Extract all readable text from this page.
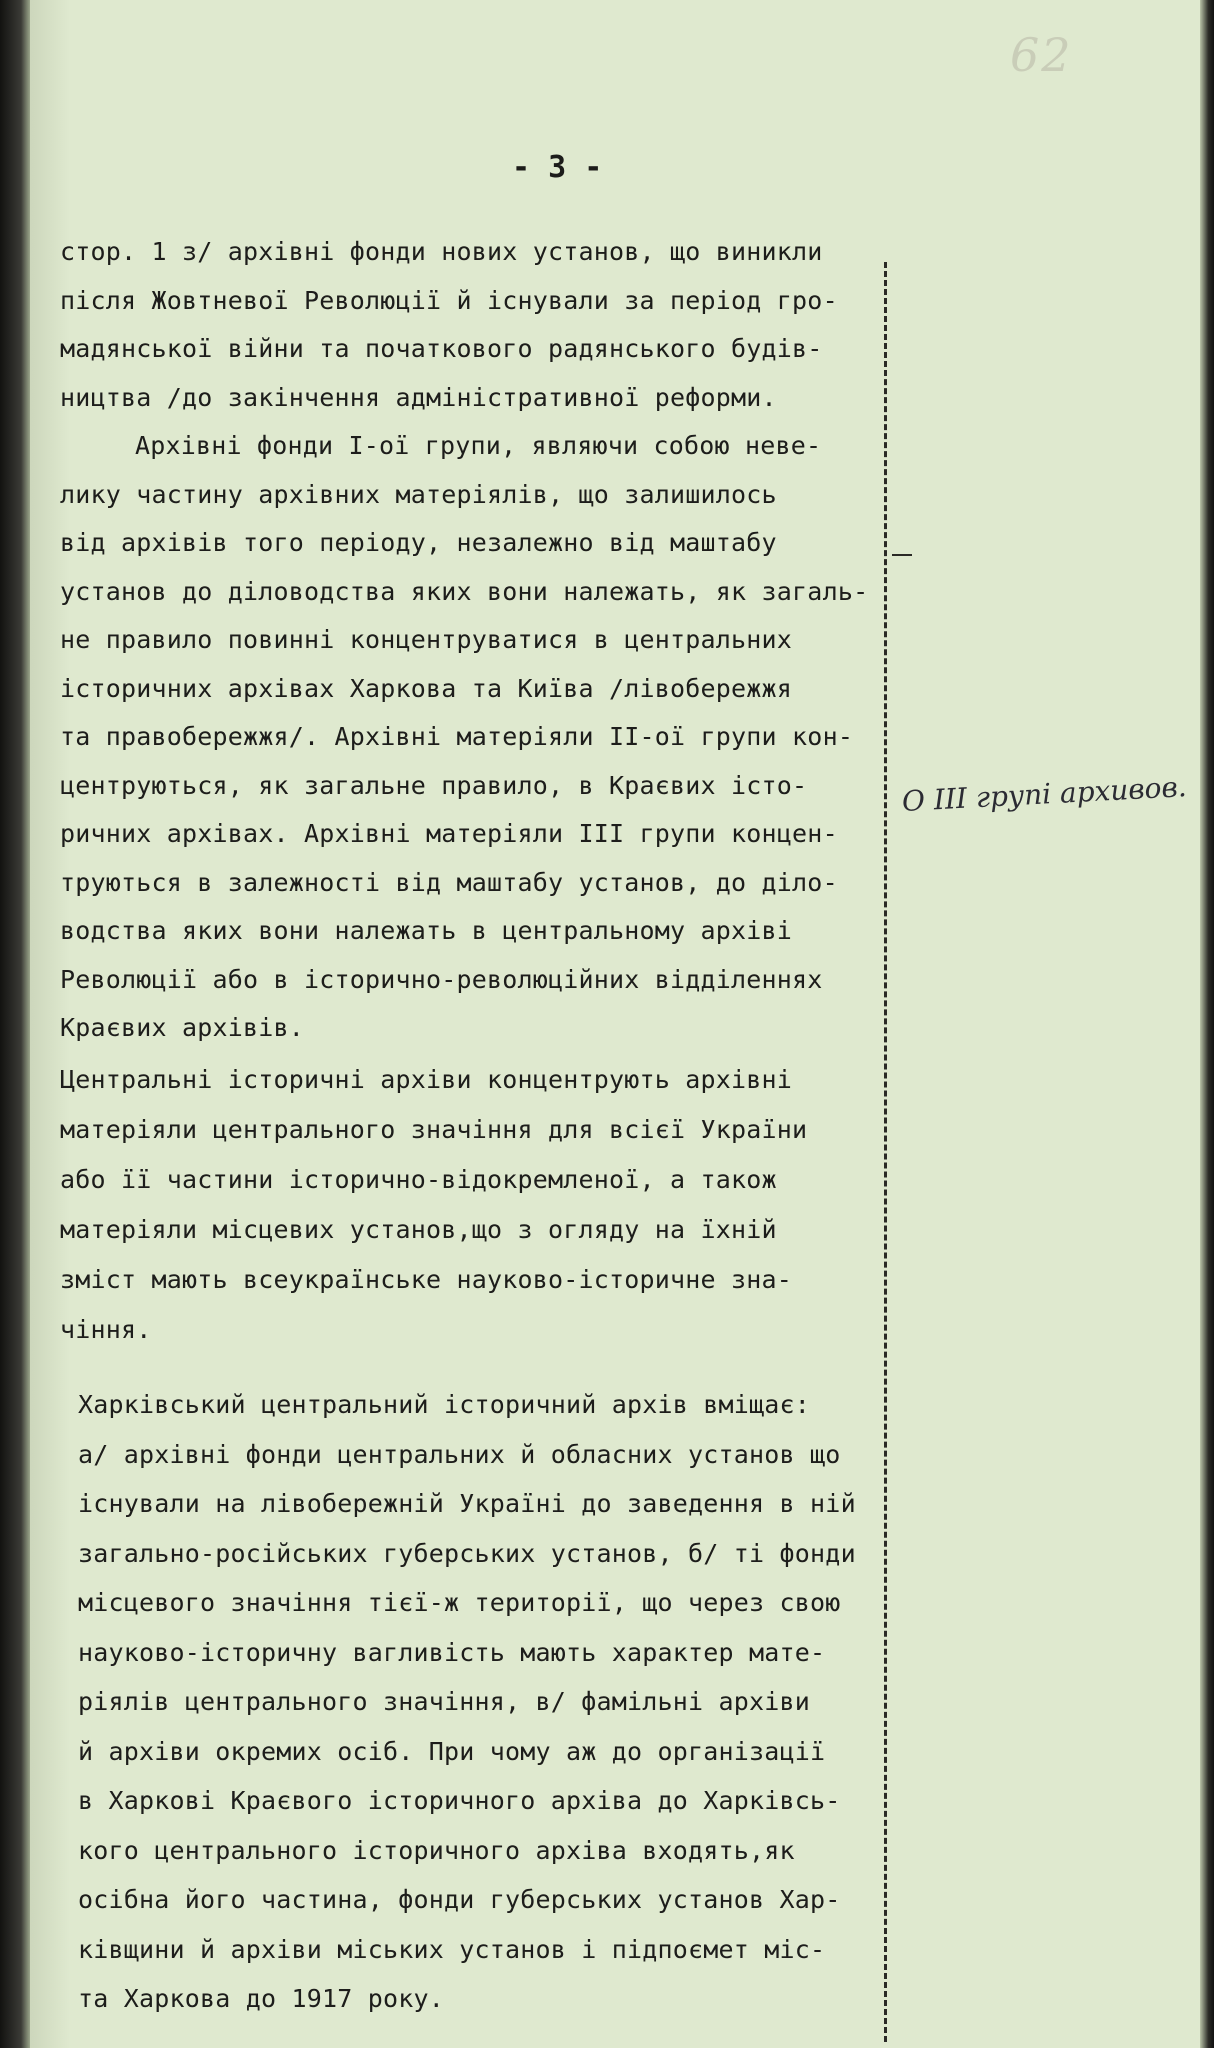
62
- 3 -
стор. 1 з/ архівні фонди нових установ, що виникли
після Жовтневої Революції й існували за період гро-
мадянської війни та початкового радянського будів-
ництва /до закінчення адміністративної реформи.
Архівні фонди І-ої групи, являючи собою неве-
лику частину архівних матеріялів, що залишилось
від архівів того періоду, незалежно від маштабу
установ до діловодства яких вони належать, як загаль-
не правило повинні концентруватися в центральних
історичних архівах Харкова та Київа /лівобережжя
та правобережжя/. Архівні матеріяли ІІ-ої групи кон-
центруються, як загальне правило, в Краєвих істо-
ричних архівах. Архівні матеріяли ІІІ групи концен-
труються в залежності від маштабу установ, до діло-
водства яких вони належать в центральному архіві
Революції або в історично-революційних відділеннях
Краєвих архівів.
Центральні історичні архіви концентрують архівні
матеріяли центрального значіння для всієї України
або її частини історично-відокремленої, а також
матеріяли місцевих установ,що з огляду на їхній
зміст мають всеукраїнське науково-історичне зна-
чіння.
Харківський центральний історичний архів вміщає:
а/ архівні фонди центральних й обласних установ що
існували на лівобережній Україні до заведення в ній
загально-російських губерських установ, б/ ті фонди
місцевого значіння тієї-ж території, що через свою
науково-історичну вагливість мають характер мате-
ріялів центрального значіння, в/ фамільні архіви
й архіви окремих осіб. При чому аж до організації
в Харкові Краєвого історичного архіва до Харківсь-
кого центрального історичного архіва входять,як
осібна його частина, фонди губерських установ Хар-
ківщини й архіви міських установ і підпоємет міс-
та Харкова до 1917 року.
О ІІІ групі архивов.
